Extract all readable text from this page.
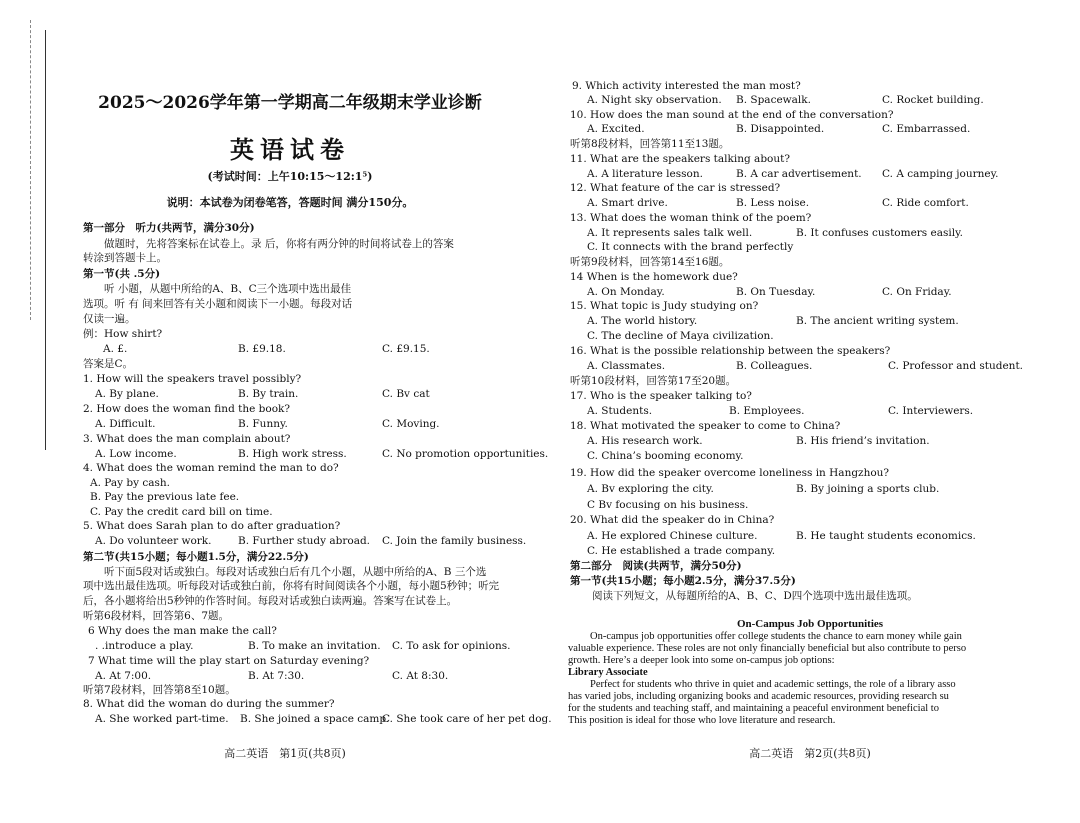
2025～2026学年第一学期高二年级期末学业诊断
英语试卷
(考试时间：上午10:15～12:1⁵)
说明：本试卷为闭卷笔答，答题时间 满分150分。
第一部分　听力(共两节，满分30分)
做题时，先将答案标在试卷上。录 后，你将有两分钟的时间将试卷上的答案
转涂到答题卡上。
第一节(共 .5分)
听 小题，从题中所给的A、B、C三个选项中选出最佳
选项。听 有 间来回答有关小题和阅读下一小题。每段对话
仅读一遍。
例：How shirt?
A. £.	B. £9.18.	C. £9.15.
答案是C。
1. How will the speakers travel possibly?
A. By plane.	B. By train.	C. Bv cat
2. How does the woman find the book?
A. Difficult.	B. Funny.	C. Moving.
3. What does the man complain about?
A. Low income.	B. High work stress.	C. No promotion opportunities.
4. What does the woman remind the man to do?
A. Pay by cash.
B. Pay the previous late fee.
C. Pay the credit card bill on time.
5. What does Sarah plan to do after graduation?
A. Do volunteer work.	B. Further study abroad. C. Join the family business.
第二节(共15小题；每小题1.5分，满分22.5分)
听下面5段对话或独白。每段对话或独白后有几个小题，从题中所给的A、B 三个选
项中选出最佳选项。听每段对话或独白前，你将有时间阅读各个小题，每小题5秒钟；听完
后，各小题将给出5秒钟的作答时间。每段对话或独白读两遍。答案写在试卷上。
听第6段材料，回答第6、7题。
6 Why does the man make the call?
. .introduce a play.	B. To make an invitation. C. To ask for opinions.
7 What time will the play start on Saturday evening?
A. At 7:00.	B. At 7:30.	C. At 8:30.
听第7段材料，回答第8至10题。
8. What did the woman do during the summer?
A. She worked part-time. B. She joined a space camp.
C. She took care of her pet dog.
高二英语　第1页(共8页)
9. Which activity interested the man most?
A. Night sky observation. B. Spacewalk.	C. Rocket building.
10. How does the man sound at the end of the conversation?
A. Excited.	B. Disappointed.	C. Embarrassed.
听第8段材料，回答第11至13题。
11. What are the speakers talking about?
A. A literature lesson.	B. A car advertisement. C. A camping journey.
12. What feature of the car is stressed?
A. Smart drive.	B. Less noise.	C. Ride comfort.
13. What does the woman think of the poem?
A. It represents sales talk well.	B. It confuses customers easily.
C. It connects with the brand perfectly
听第9段材料，回答第14至16题。
14 When is the homework due?
A. On Monday.	B. On Tuesday.	C. On Friday.
15. What topic is Judy studying on?
A. The world history.	B. The ancient writing system.
C. The decline of Maya civilization.
16. What is the possible relationship between the speakers?
A. Classmates.	B. Colleagues.	C. Professor and student.
听第10段材料，回答第17至20题。
17. Who is the speaker talking to?
A. Students.	B. Employees.	C. Interviewers.
18. What motivated the speaker to come to China?
A. His research work.	B. His friend’s invitation.
C. China’s booming economy.
19. How did the speaker overcome loneliness in Hangzhou?
A. Bv exploring the city.	B. By joining a sports club.
C Bv focusing on his business.
20. What did the speaker do in China?
A. He explored Chinese culture.	B. He taught students economics.
C. He established a trade company.
第二部分　阅读(共两节，满分50分)
第一节(共15小题；每小题2.5分，满分37.5分)
阅读下列短文，从每题所给的A、B、C、D四个选项中选出最佳选项。
On-Campus Job Opportunities
On-campus job opportunities offer college students the chance to earn money while gain
valuable experience. These roles are not only financially beneficial but also contribute to perso
growth. Here’s a deeper look into some on-campus job options:
Library Associate
Perfect for students who thrive in quiet and academic settings, the role of a library asso
has varied jobs, including organizing books and academic resources, providing research su
for the students and teaching staff, and maintaining a peaceful environment beneficial to
This position is ideal for those who love literature and research.
高二英语　第2页(共8页)
